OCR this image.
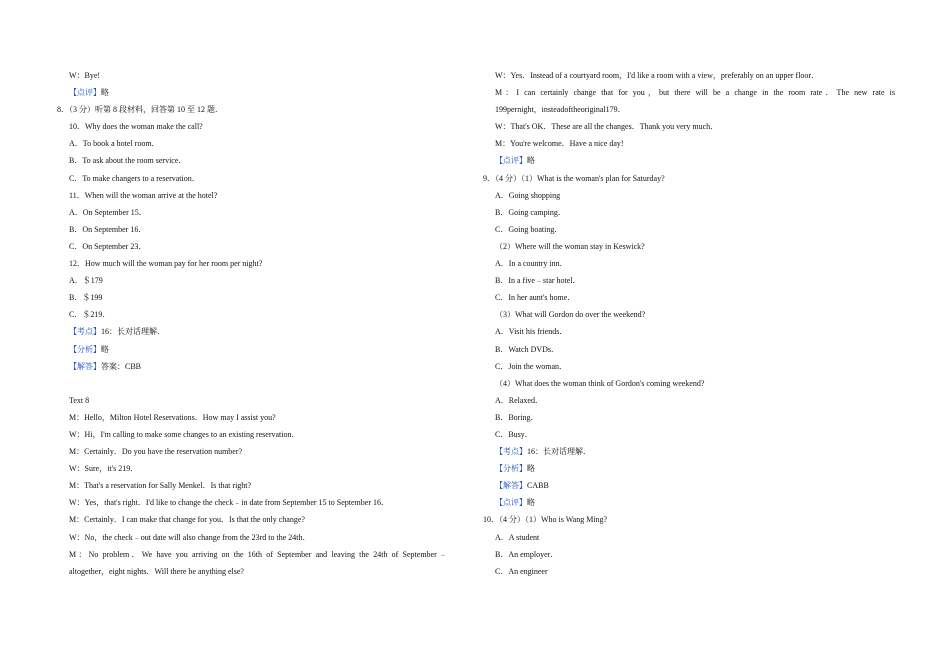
W：Bye!
【点评】略
8．（3 分）听第 8 段材料，回答第 10 至 12 题．
10．Why does the woman make the call?
A．To book a hotel room．
B．To ask about the room service．
C．To make changers to a reservation．
11．When will the woman arrive at the hotel?
A．On September 15．
B．On September 16．
C．On September 23．
12．How much will the woman pay for her room per night?
A．＄179
B．＄199
C．＄219．
【考点】16：长对话理解．
【分析】略
【解答】答案：CBB
Text 8
M：Hello，Milton Hotel Reservations．How may I assist you?
W：Hi，I'm calling to make some changes to an existing reservation．
M：Certainly．Do you have the reservation number?
W：Sure，it's 219．
M：That's a reservation for Sally Menkel．Is that right?
W：Yes，that's right．I'd like to change the check﹣in date from September 15 to September 16．
M：Certainly．I can make that change for you．Is that the only change?
W：No，the check﹣out date will also change from the 23rd to the 24th．
M：No problem．We have you arriving on the 16th of September and leaving the 24th of September﹣
altogether，eight nights．Will there be anything else?
W：Yes．Instead of a courtyard room，I'd like a room with a view，preferably on an upper floor．
M：I can certainly change that for you，but there will be a change in the room rate．The new rate is
199pernight，insteadoftheoriginal179．
W：That's OK．These are all the changes．Thank you very much．
M：You're welcome．Have a nice day!
【点评】略
9．（4 分）（1）What is the woman's plan for Saturday?
A．Going shopping
B．Going camping．
C．Going boating．
（2）Where will the woman stay in Keswick?
A．In a country inn．
B．In a five﹣star hotel．
C．In her aunt's home．
（3）What will Gordon do over the weekend?
A．Visit his friends．
B．Watch DVDs．
C．Join the woman．
（4）What does the woman think of Gordon's coming weekend?
A．Relaxed．
B．Boring．
C．Busy．
【考点】16：长对话理解．
【分析】略
【解答】CABB
【点评】略
10．（4 分）（1）Who is Wang Ming?
A．A student
B．An employer．
C．An engineer
